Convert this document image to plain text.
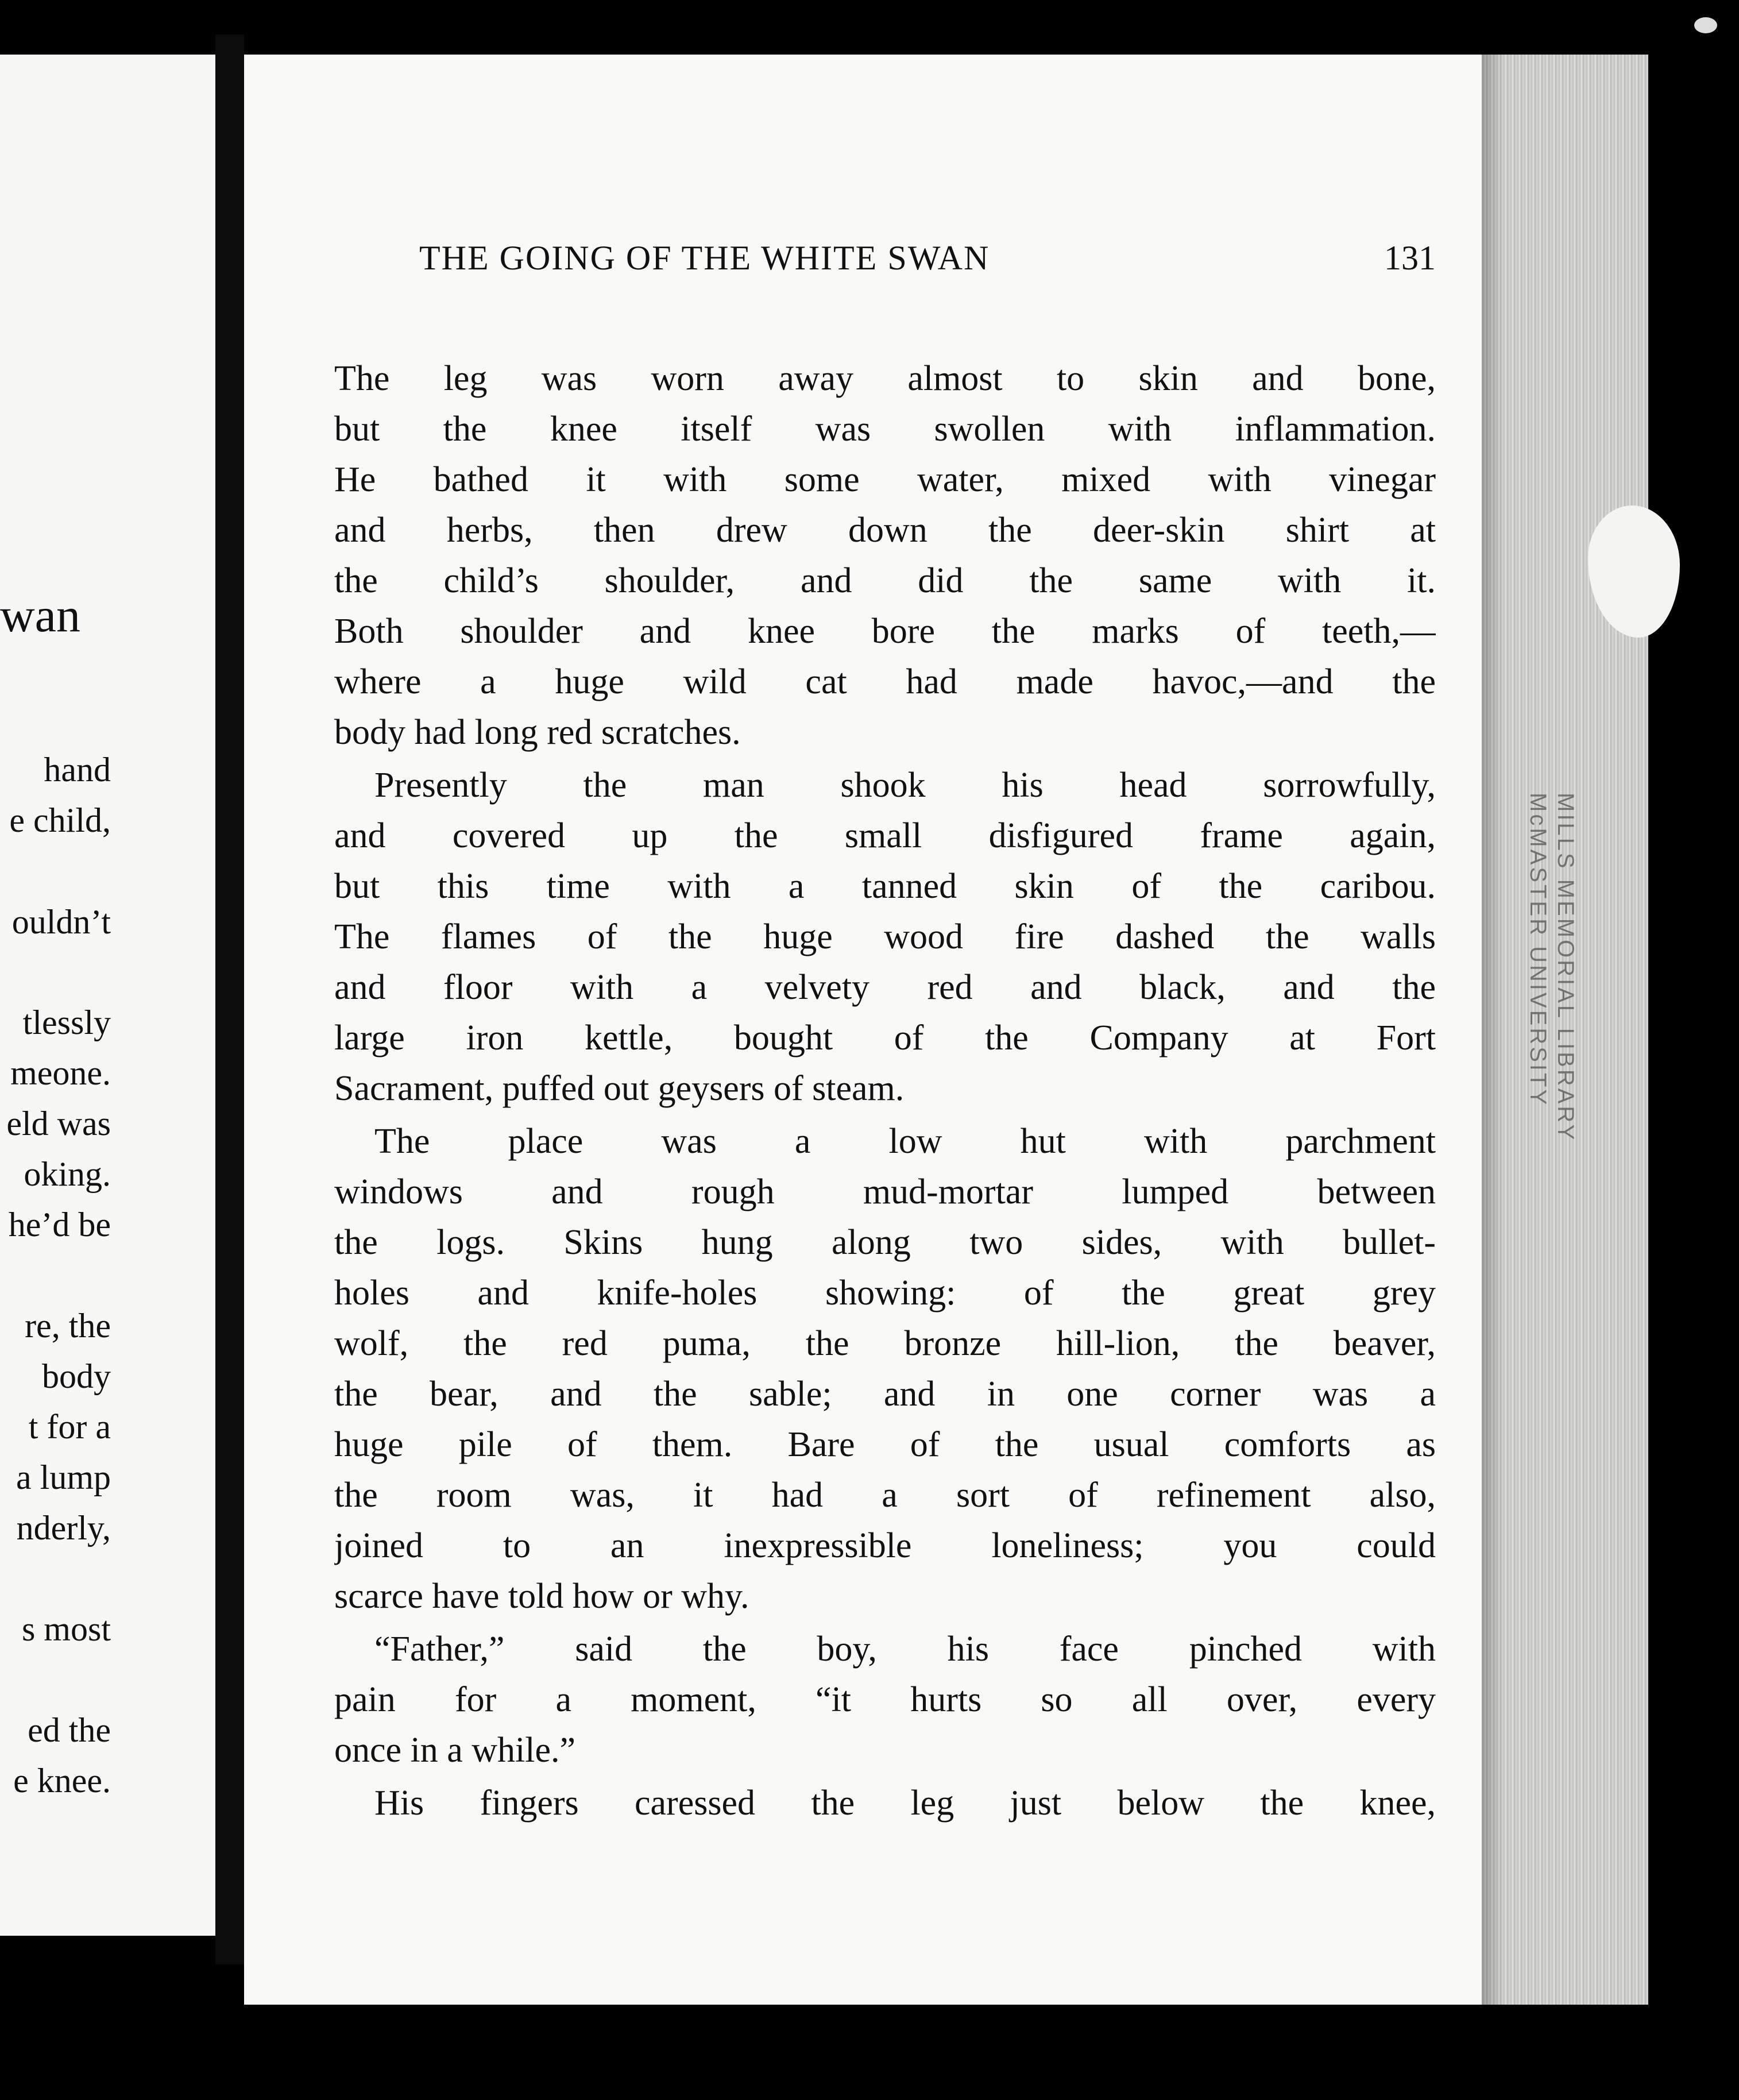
wan
hand
e child,
ouldn’t
tlessly
meone.
eld was
oking.
he’d be
re, the
body
t for a
a lump
nderly,
s most
ed the
e knee.
THE GOING OF THE WHITE SWAN	131
The leg was worn away almost to skin and bone,
but the knee itself was swollen with inflammation.
He bathed it with some water, mixed with vinegar
and herbs, then drew down the deer-skin shirt at
the child’s shoulder, and did the same with it.
Both shoulder and knee bore the marks of teeth,—
where a huge wild cat had made havoc,—and the
body had long red scratches.
Presently the man shook his head sorrowfully,
and covered up the small disfigured frame again,
but this time with a tanned skin of the caribou.
The flames of the huge wood fire dashed the walls
and floor with a velvety red and black, and the
large iron kettle, bought of the Company at Fort
Sacrament, puffed out geysers of steam.
The place was a low hut with parchment
windows and rough mud-mortar lumped between
the logs. Skins hung along two sides, with bullet-
holes and knife-holes showing: of the great grey
wolf, the red puma, the bronze hill-lion, the beaver,
the bear, and the sable; and in one corner was a
huge pile of them. Bare of the usual comforts as
the room was, it had a sort of refinement also,
joined to an inexpressible loneliness; you could
scarce have told how or why.
“Father,” said the boy, his face pinched with
pain for a moment, “it hurts so all over, every
once in a while.”
His fingers caressed the leg just below the knee,
MILLS MEMORIAL LIBRARY
McMASTER UNIVERSITY
